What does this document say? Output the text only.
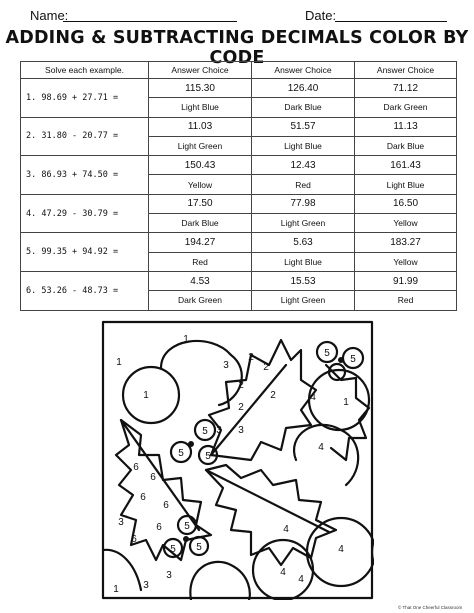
Name:	Date:
ADDING & SUBTRACTING DECIMALS COLOR BY CODE
Solve each example.	Answer Choice	Answer Choice	Answer Choice
1. 98.69 + 27.71 =	115.30	126.40	71.12
	Light Blue	Dark Blue	Dark Green
2. 31.80 - 20.77 =	11.03	51.57	11.13
	Light Green	Light Blue	Dark Blue
3. 86.93 + 74.50 =	150.43	12.43	161.43
	Yellow	Red	Light Blue
4. 47.29 - 30.79 =	17.50	77.98	16.50
	Dark Blue	Light Green	Yellow
5. 99.35 + 94.92 =	194.27	5.63	183.27
	Red	Light Blue	Yellow
6. 53.26 - 48.73 =	4.53	15.53	91.99
	Dark Green	Light Green	Red
1
1
1
1
1
2
2
2
2
2
3
3 3
3
3
3
4
4
4
4
4
4
5
5
5
5
5
5
5 5
6
6
6
6
6
6
© That One Cheerful Classroom
